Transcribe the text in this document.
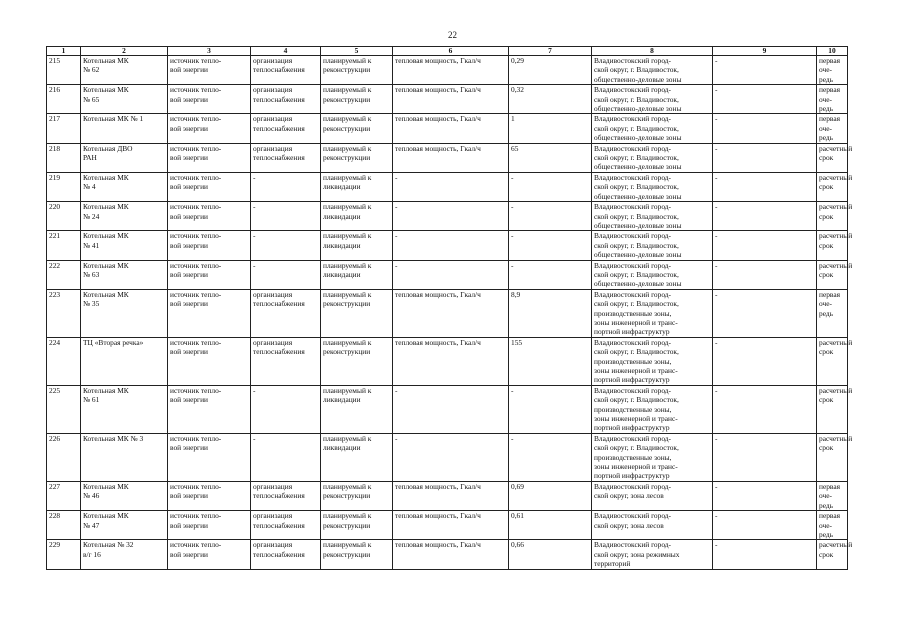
22
1	2	3	4	5	6	7	8	9	10
215	Котельная МК
№ 62	источник тепло-
вой энергии	организация
теплоснабжения	планируемый к
реконструкции	тепловая мощность, Гкал/ч	0,29	Владивостокский город-
ской округ, г. Владивосток,
общественно-деловые зоны	-	первая оче-
редь
216	Котельная МК
№ 65	источник тепло-
вой энергии	организация
теплоснабжения	планируемый к
реконструкции	тепловая мощность, Гкал/ч	0,32	Владивостокский город-
ской округ, г. Владивосток,
общественно-деловые зоны	-	первая оче-
редь
217	Котельная МК № 1	источник тепло-
вой энергии	организация
теплоснабжения	планируемый к
реконструкции	тепловая мощность, Гкал/ч	1	Владивостокский город-
ской округ, г. Владивосток,
общественно-деловые зоны	-	первая оче-
редь
218	Котельная ДВО
РАН	источник тепло-
вой энергии	организация
теплоснабжения	планируемый к
реконструкции	тепловая мощность, Гкал/ч	65	Владивостокский город-
ской округ, г. Владивосток,
общественно-деловые зоны	-	расчетный
срок
219	Котельная МК
№ 4	источник тепло-
вой энергии	-	планируемый к
ликвидации	-	-	Владивостокский город-
ской округ, г. Владивосток,
общественно-деловые зоны	-	расчетный
срок
220	Котельная МК
№ 24	источник тепло-
вой энергии	-	планируемый к
ликвидации	-	-	Владивостокский город-
ской округ, г. Владивосток,
общественно-деловые зоны	-	расчетный
срок
221	Котельная МК
№ 41	источник тепло-
вой энергии	-	планируемый к
ликвидации	-	-	Владивостокский город-
ской округ, г. Владивосток,
общественно-деловые зоны	-	расчетный
срок
222	Котельная МК
№ 63	источник тепло-
вой энергии	-	планируемый к
ликвидации	-	-	Владивостокский город-
ской округ, г. Владивосток,
общественно-деловые зоны	-	расчетный
срок
223	Котельная МК
№ 35	источник тепло-
вой энергии	организация
теплоснабжения	планируемый к
реконструкции	тепловая мощность, Гкал/ч	8,9	Владивостокский город-
ской округ, г. Владивосток,
производственные зоны,
зоны инженерной и транс-
портной инфраструктур	-	первая оче-
редь
224	ТЦ «Вторая речка»	источник тепло-
вой энергии	организация
теплоснабжения	планируемый к
реконструкции	тепловая мощность, Гкал/ч	155	Владивостокский город-
ской округ, г. Владивосток,
производственные зоны,
зоны инженерной и транс-
портной инфраструктур	-	расчетный
срок
225	Котельная МК
№ 61	источник тепло-
вой энергии	-	планируемый к
ликвидации	-	-	Владивостокский город-
ской округ, г. Владивосток,
производственные зоны,
зоны инженерной и транс-
портной инфраструктур	-	расчетный
срок
226	Котельная МК № 3	источник тепло-
вой энергии	-	планируемый к
ликвидации	-	-	Владивостокский город-
ской округ, г. Владивосток,
производственные зоны,
зоны инженерной и транс-
портной инфраструктур	-	расчетный
срок
227	Котельная МК
№ 46	источник тепло-
вой энергии	организация
теплоснабжения	планируемый к
реконструкции	тепловая мощность, Гкал/ч	0,69	Владивостокский город-
ской округ, зона лесов	-	первая оче-
редь
228	Котельная МК
№ 47	источник тепло-
вой энергии	организация
теплоснабжения	планируемый к
реконструкции	тепловая мощность, Гкал/ч	0,61	Владивостокский город-
ской округ, зона лесов	-	первая оче-
редь
229	Котельная № 32
в/г 16	источник тепло-
вой энергии	организация
теплоснабжения	планируемый к
реконструкции	тепловая мощность, Гкал/ч	0,66	Владивостокский город-
ской округ, зона режимных
территорий	-	расчетный
срок
